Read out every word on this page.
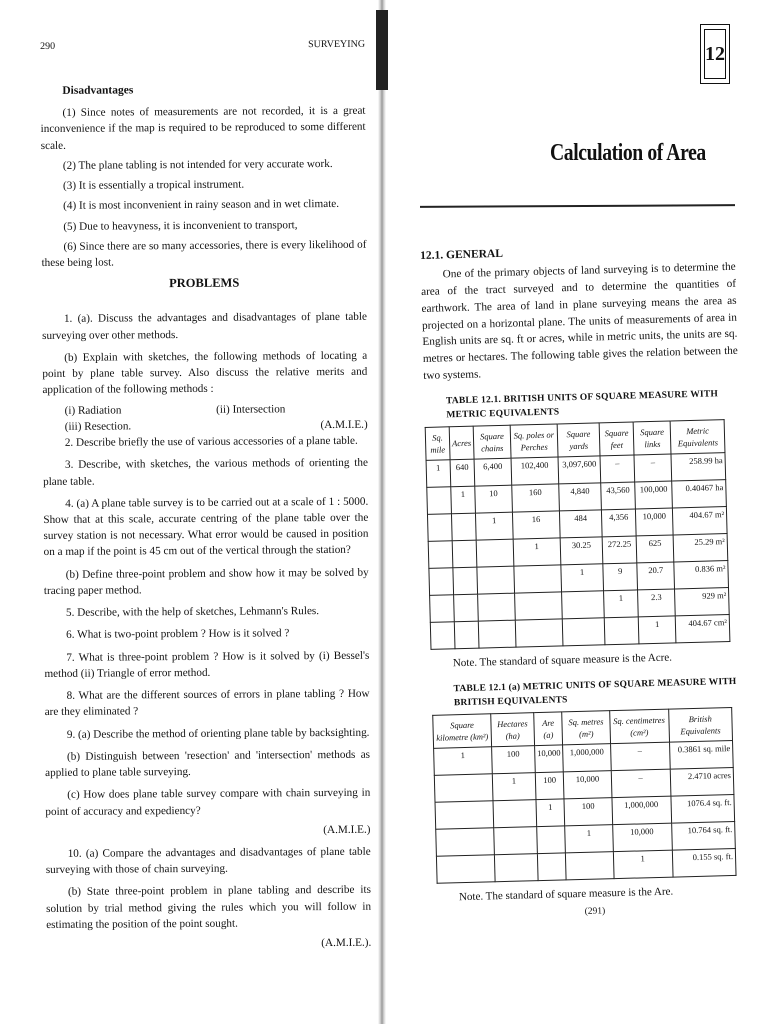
290	SURVEYING
Disadvantages

(1) Since notes of measurements are not recorded, it is a great inconvenience if the map is required to be reproduced to some different scale.

(2) The plane tabling is not intended for very accurate work.

(3) It is essentially a tropical instrument.

(4) It is most inconvenient in rainy season and in wet climate.

(5) Due to heavyness, it is inconvenient to transport,

(6) Since there are so many accessories, there is every likelihood of these being lost.

PROBLEMS

1. (a). Discuss the advantages and disadvantages of plane table surveying over other methods.

(b) Explain with sketches, the following methods of locating a point by plane table survey. Also discuss the relative merits and application of the following methods :

(i) Radiation	(ii) Intersection
(iii) Resection.	(A.M.I.E.)

2. Describe briefly the use of various accessories of a plane table.

3. Describe, with sketches, the various methods of orienting the plane table.

4. (a) A plane table survey is to be carried out at a scale of 1 : 5000. Show that at this scale, accurate centring of the plane table over the survey station is not necessary. What error would be caused in position on a map if the point is 45 cm out of the vertical through the station?

(b) Define three-point problem and show how it may be solved by tracing paper method.

5. Describe, with the help of sketches, Lehmann's Rules.

6. What is two-point problem ? How is it solved ?

7. What is three-point problem ? How is it solved by (i) Bessel's method (ii) Triangle of error method.

8. What are the different sources of errors in plane tabling ? How are they eliminated ?

9. (a) Describe the method of orienting plane table by backsighting.

(b) Distinguish between 'resection' and 'intersection' methods as applied to plane table surveying.

(c) How does plane table survey compare with chain surveying in point of accuracy and expediency?

(A.M.I.E.)

10. (a) Compare the advantages and disadvantages of plane table surveying with those of chain surveying.

(b) State three-point problem in plane tabling and describe its solution by trial method giving the rules which you will follow in estimating the position of the point sought.

(A.M.I.E.).

12
Calculation of Area
12.1. GENERAL

One of the primary objects of land surveying is to determine the area of the tract surveyed and to determine the quantities of earthwork. The area of land in plane surveying means the area as projected on a horizontal plane. The units of measurements of area in English units are sq. ft or acres, while in metric units, the units are sq. metres or hectares. The following table gives the relation between the two systems.

TABLE 12.1. BRITISH UNITS OF SQUARE MEASURE WITH METRIC EQUIVALENTS
Sq. mile	Acres	Square chains	Sq. poles or Perches	Square yards	Square feet	Square links	Metric Equivalents
1	640	6,400	102,400	3,097,600	–	–	258.99 ha
	1	10	160	4,840	43,560	100,000	0.40467 ha
		1	16	484	4,356	10,000	404.67 m²
			1	30.25	272.25	625	25.29 m²
				1	9	20.7	0.836 m²
					1	2.3	929 m²
						1	404.67 cm²
Note. The standard of square measure is the Acre.
TABLE 12.1 (a) METRIC UNITS OF SQUARE MEASURE WITH BRITISH EQUIVALENTS
Square kilometre (km²)	Hectares (ha)	Are (a)	Sq. metres (m²)	Sq. centimetres (cm²)	British Equivalents
1	100	10,000	1,000,000	–	0.3861 sq. mile
	1	100	10,000	–	2.4710 acres
		1	100	1,000,000	1076.4 sq. ft.
			1	10,000	10.764 sq. ft.
				1	0.155 sq. ft.
Note. The standard of square measure is the Are.
(291)
